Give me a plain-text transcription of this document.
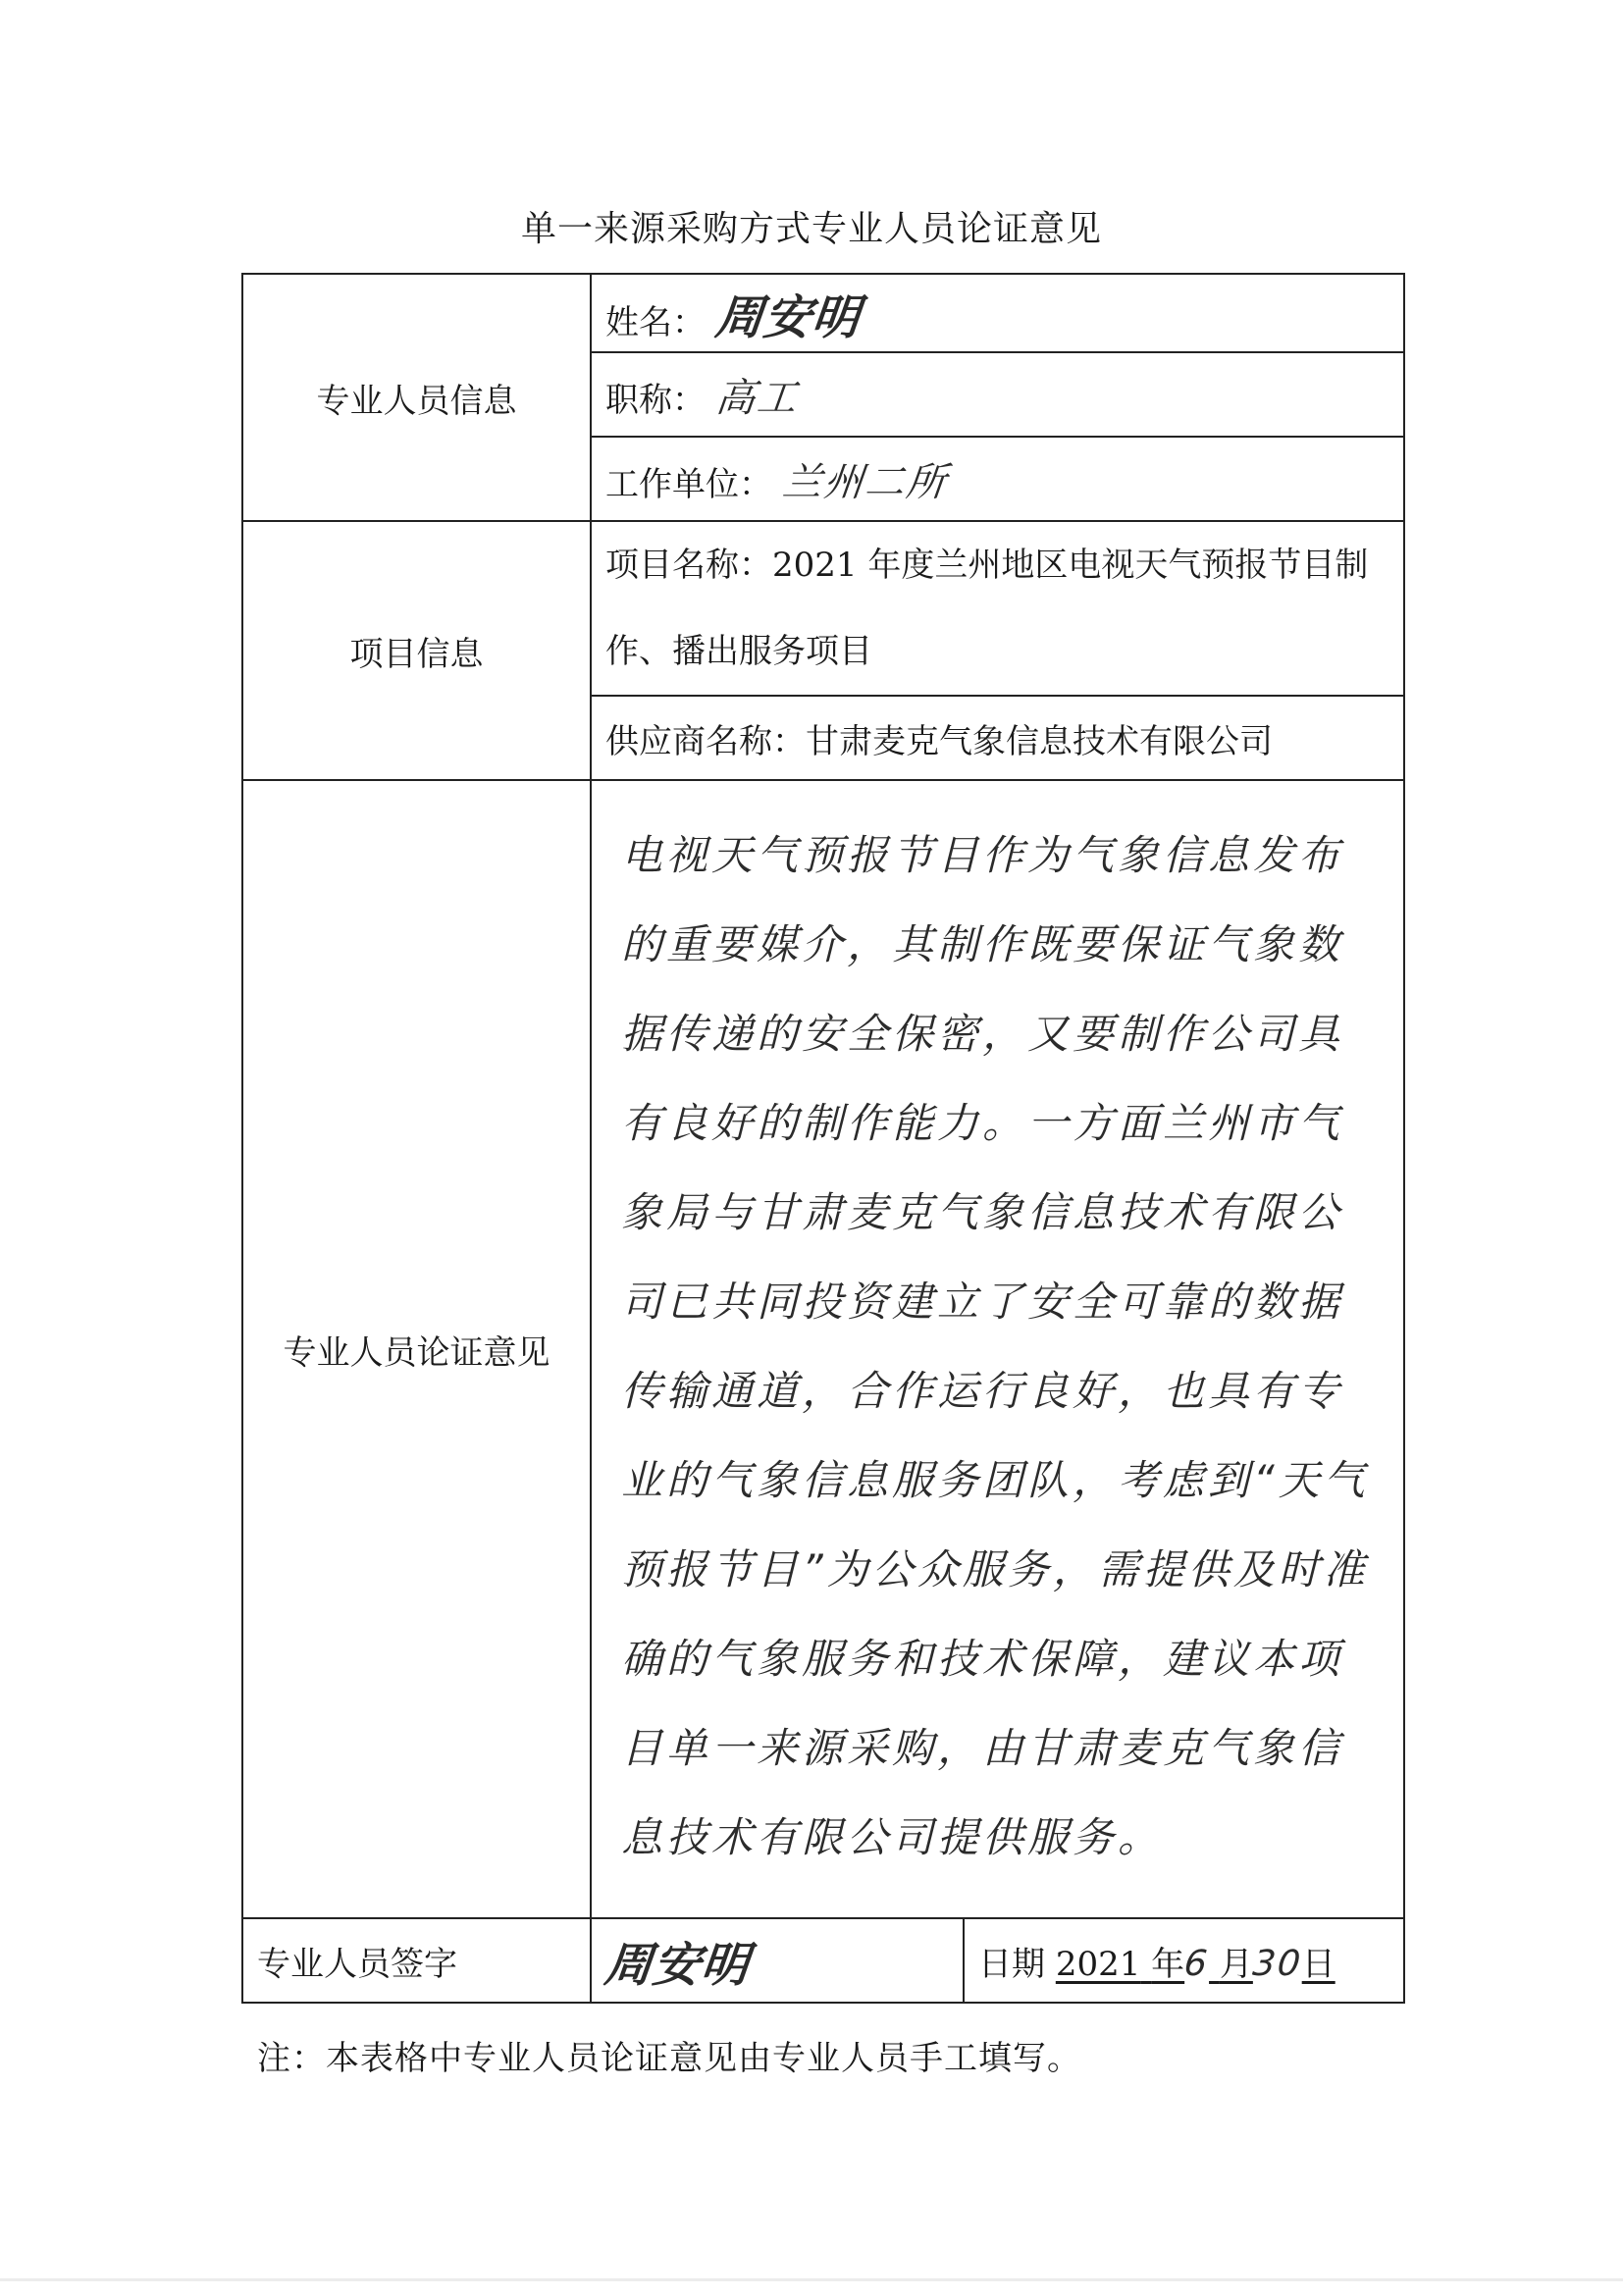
单一来源采购方式专业人员论证意见
专业人员信息	姓名： 周安明	
	职称： 高工	
	工作单位： 兰州二所	
项目信息	项目名称：2021 年度兰州地区电视天气预报节目制作、播出服务项目	
	供应商名称：甘肃麦克气象信息技术有限公司	
专业人员论证意见	电视天气预报节目作为气象信息发布的重要媒介，其制作既要保证气象数据传递的安全保密，又要制作公司具有良好的制作能力。一方面兰州市气象局与甘肃麦克气象信息技术有限公司已共同投资建立了安全可靠的数据传输通道，合作运行良好，也具有专业的气象信息服务团队，考虑到“天气预报节目”为公众服务，需提供及时准确的气象服务和技术保障，建议本项目单一来源采购，由甘肃麦克气象信息技术有限公司提供服务。	

专业人员签字	周安明	日期 2021 年6 月30日
注：本表格中专业人员论证意见由专业人员手工填写。
